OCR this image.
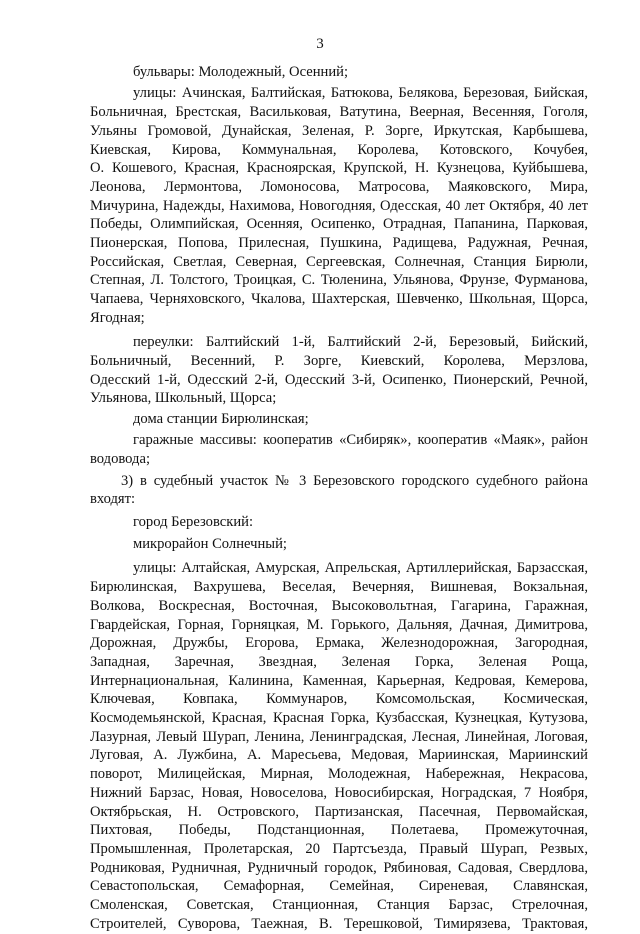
3
бульвары: Молодежный, Осенний;
улицы: Ачинская, Балтийская, Батюкова, Белякова, Березовая, Бийская,
Больничная, Брестская, Васильковая, Ватутина, Веерная, Весенняя, Гоголя,
Ульяны Громовой, Дунайская, Зеленая, Р. Зорге, Иркутская, Карбышева,
Киевская, Кирова, Коммунальная, Королева, Котовского, Кочубея,
О. Кошевого, Красная, Красноярская, Крупской, Н. Кузнецова, Куйбышева,
Леонова, Лермонтова, Ломоносова, Матросова, Маяковского, Мира,
Мичурина, Надежды, Нахимова, Новогодняя, Одесская, 40 лет Октября, 40 лет
Победы, Олимпийская, Осенняя, Осипенко, Отрадная, Папанина, Парковая,
Пионерская, Попова, Прилесная, Пушкина, Радищева, Радужная, Речная,
Российская, Светлая, Северная, Сергеевская, Солнечная, Станция Бирюли,
Степная, Л. Толстого, Троицкая, С. Тюленина, Ульянова, Фрунзе, Фурманова,
Чапаева, Черняховского, Чкалова, Шахтерская, Шевченко, Школьная, Щорса,
Ягодная;
переулки: Балтийский 1-й, Балтийский 2-й, Березовый, Бийский,
Больничный, Весенний, Р. Зорге, Киевский, Королева, Мерзлова,
Одесский 1-й, Одесский 2-й, Одесский 3-й, Осипенко, Пионерский, Речной,
Ульянова, Школьный, Щорса;
дома станции Бирюлинская;
гаражные массивы: кооператив «Сибиряк», кооператив «Маяк», район
водовода;
3) в судебный участок № 3 Березовского городского судебного района
входят:
город Березовский:
микрорайон Солнечный;
улицы: Алтайская, Амурская, Апрельская, Артиллерийская, Барзасская,
Бирюлинская, Вахрушева, Веселая, Вечерняя, Вишневая, Вокзальная,
Волкова, Воскресная, Восточная, Высоковольтная, Гагарина, Гаражная,
Гвардейская, Горная, Горняцкая, М. Горького, Дальняя, Дачная, Димитрова,
Дорожная, Дружбы, Егорова, Ермака, Железнодорожная, Загородная,
Западная, Заречная, Звездная, Зеленая Горка, Зеленая Роща,
Интернациональная, Калинина, Каменная, Карьерная, Кедровая, Кемерова,
Ключевая, Ковпака, Коммунаров, Комсомольская, Космическая,
Космодемьянской, Красная, Красная Горка, Кузбасская, Кузнецкая, Кутузова,
Лазурная, Левый Шурап, Ленина, Ленинградская, Лесная, Линейная, Логовая,
Луговая, А. Лужбина, А. Маресьева, Медовая, Мариинская, Мариинский
поворот, Милицейская, Мирная, Молодежная, Набережная, Некрасова,
Нижний Барзас, Новая, Новоселова, Новосибирская, Ноградская, 7 Ноября,
Октябрьская, Н. Островского, Партизанская, Пасечная, Первомайская,
Пихтовая, Победы, Подстанционная, Полетаева, Промежуточная,
Промышленная, Пролетарская, 20 Партсъезда, Правый Шурап, Резвых,
Родниковая, Рудничная, Рудничный городок, Рябиновая, Садовая, Свердлова,
Севастопольская, Семафорная, Семейная, Сиреневая, Славянская,
Смоленская, Советская, Станционная, Станция Барзас, Стрелочная,
Строителей, Суворова, Таежная, В. Терешковой, Тимирязева, Трактовая,
